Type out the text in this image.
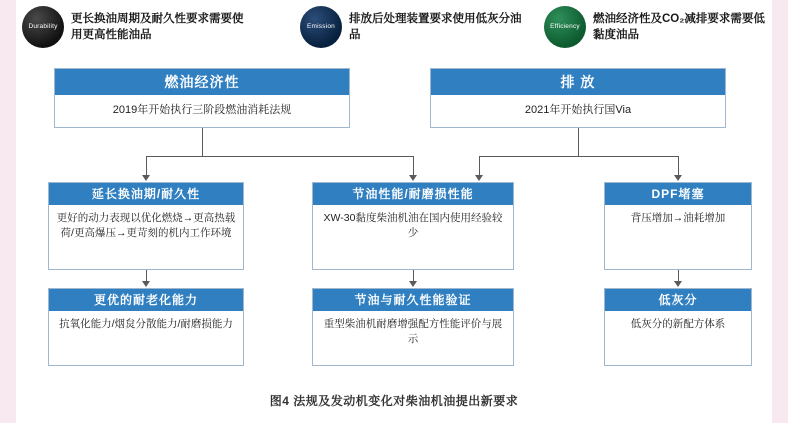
Durability
更长换油周期及耐久性要求需要使用更高性能油品
Emission
排放后处理装置要求使用低灰分油品
Efficiency
燃油经济性及CO₂减排要求需要低黏度油品
燃油经济性
2019年开始执行三阶段燃油消耗法规
排 放
2021年开始执行国Via
延长换油期/耐久性
更好的动力表现以优化燃烧→更高热载荷/更高爆压→更苛刻的机内工作环境
节油性能/耐磨损性能
XW-30黏度柴油机油在国内使用经验较少
DPF堵塞
背压增加→油耗增加
更优的耐老化能力
抗氧化能力/烟炱分散能力/耐磨损能力
节油与耐久性能验证
重型柴油机耐磨增强配方性能评价与展示
低灰分
低灰分的新配方体系
图4 法规及发动机变化对柴油机油提出新要求
